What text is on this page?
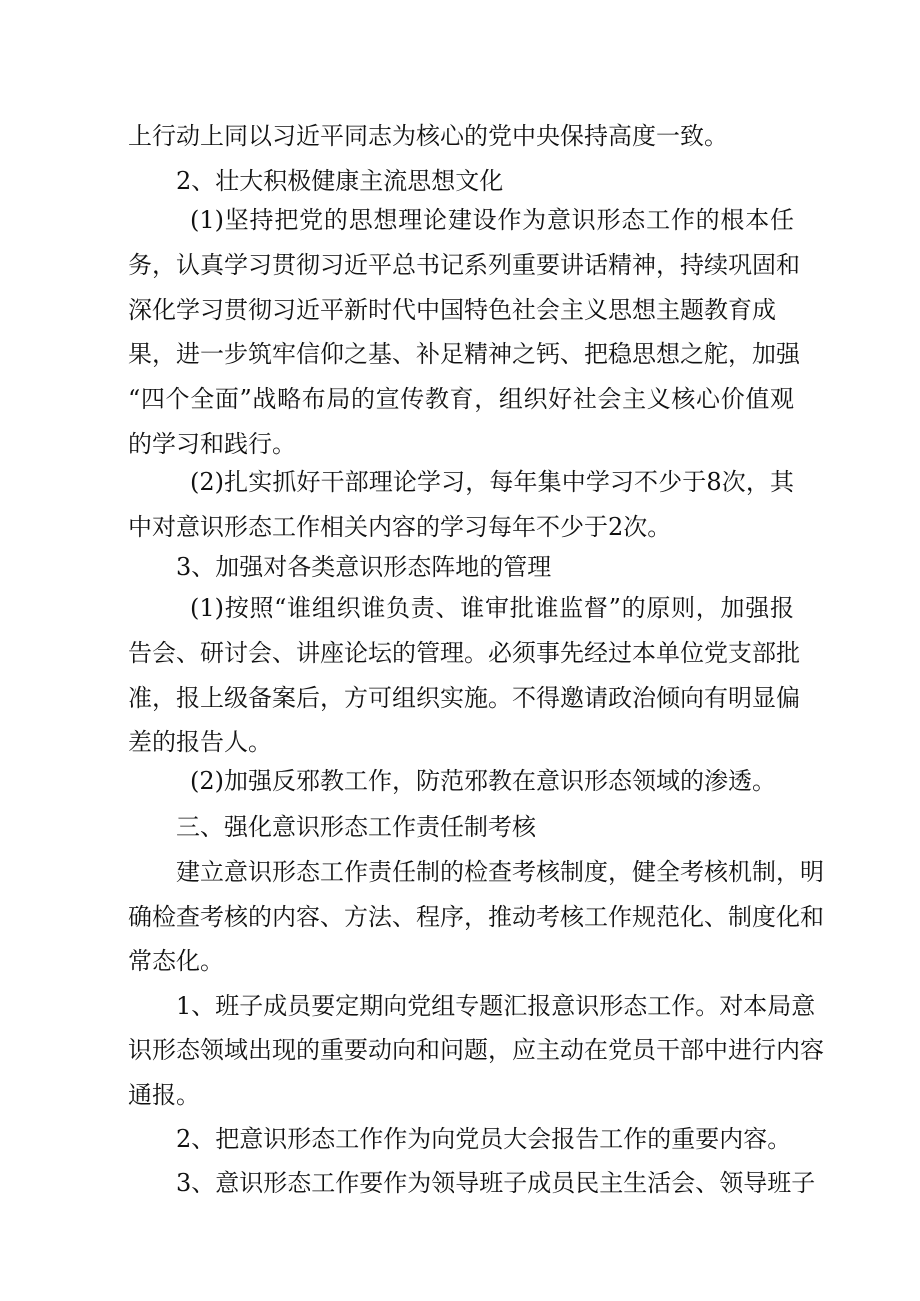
上行动上同以习近平同志为核心的党中央保持高度一致。
2、壮大积极健康主流思想文化
(1)坚持把党的思想理论建设作为意识形态工作的根本任
务，认真学习贯彻习近平总书记系列重要讲话精神，持续巩固和
深化学习贯彻习近平新时代中国特色社会主义思想主题教育成
果，进一步筑牢信仰之基、补足精神之钙、把稳思想之舵，加强
“四个全面”战略布局的宣传教育，组织好社会主义核心价值观
的学习和践行。
(2)扎实抓好干部理论学习，每年集中学习不少于8次，其
中对意识形态工作相关内容的学习每年不少于2次。
3、加强对各类意识形态阵地的管理
(1)按照“谁组织谁负责、谁审批谁监督”的原则，加强报
告会、研讨会、讲座论坛的管理。必须事先经过本单位党支部批
准，报上级备案后，方可组织实施。不得邀请政治倾向有明显偏
差的报告人。
(2)加强反邪教工作，防范邪教在意识形态领域的渗透。
三、强化意识形态工作责任制考核
建立意识形态工作责任制的检查考核制度，健全考核机制，明
确检查考核的内容、方法、程序，推动考核工作规范化、制度化和
常态化。
1、班子成员要定期向党组专题汇报意识形态工作。对本局意
识形态领域出现的重要动向和问题，应主动在党员干部中进行内容
通报。
2、把意识形态工作作为向党员大会报告工作的重要内容。
3、意识形态工作要作为领导班子成员民主生活会、领导班子
